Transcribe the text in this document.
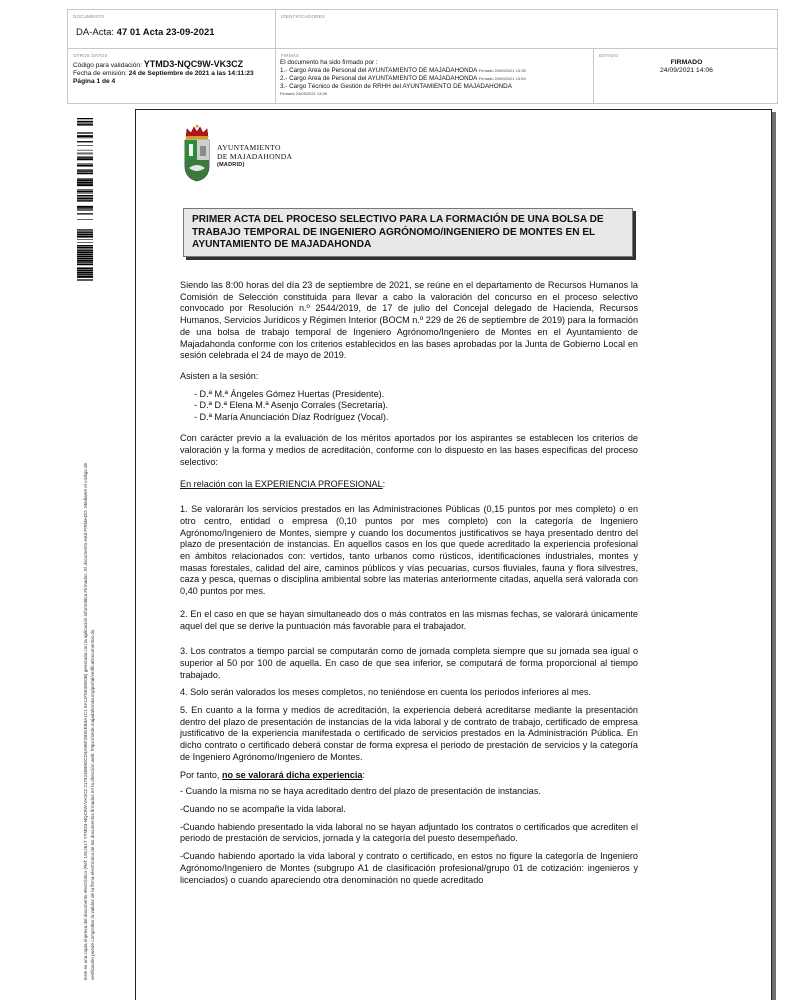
DOCUMENTO
DA-Acta: 47 01 Acta 23-09-2021
IDENTIFICADORES
OTROS DATOS
Código para validación: YTMD3-NQC9W-VK3CZ
Fecha de emisión: 24 de Septiembre de 2021 a las 14:11:23
Página 1 de 4
FIRMAS
El documento ha sido firmado por :
1.- Cargo Area de Personal del AYUNTAMIENTO DE MAJADAHONDA Firmado 24/09/2021 13:35
2.- Cargo Area de Personal del AYUNTAMIENTO DE MAJADAHONDA Firmado 24/09/2021 13:54
3.- Cargo Técnico de Gestión de RRHH del AYUNTAMIENTO DE MAJADAHONDA
Firmado 24/09/2021 14:06
ESTADO
FIRMADO
24/09/2021 14:06
Este es una copia impresa del documento electrónico (Ref: 1912617 YTMD3-NQC9W-VK3CZ 2174245B9DCD4A9EF2B92EB3A1C1 5A11F553DE0B) generada con la aplicación informática Firmadoc. El documento está FIRMADO. Mediante el código de verificación puede comprobar la validez de la firma electrónica de los documentos firmados en la dirección web: https://sede.majadahonda.org/portal/verificaDocumentos.do
AYUNTAMIENTO
DE MAJADAHONDA
(MADRID)

PRIMER ACTA DEL PROCESO SELECTIVO PARA LA FORMACIÓN DE UNA BOLSA DE TRABAJO TEMPORAL DE INGENIERO AGRÓNOMO/INGENIERO DE MONTES EN EL AYUNTAMIENTO DE MAJADAHONDA

Siendo las 8:00 horas del día 23 de septiembre de 2021, se reúne en el departamento de Recursos Humanos la Comisión de Selección constituida para llevar a cabo la valoración del concurso en el proceso selectivo convocado por Resolución n.º 2544/2019, de 17 de julio del Concejal delegado de Hacienda, Recursos Humanos, Servicios Jurídicos y Régimen Interior (BOCM n.º 229 de 26 de septiembre de 2019) para la formación de una bolsa de trabajo temporal de Ingeniero Agrónomo/Ingeniero de Montes en el Ayuntamiento de Majadahonda conforme con los criterios establecidos en las bases aprobadas por la Junta de Gobierno Local en sesión celebrada el 24 de mayo de 2019.

Asisten a la sesión:

- D.ª M.ª Ángeles Gómez Huertas (Presidente).
- D.ª D.ª Elena M.ª Asenjo Corrales (Secretaria).
- D.ª María Anunciación Díaz Rodríguez (Vocal).

Con carácter previo a la evaluación de los méritos aportados por los aspirantes se establecen los criterios de valoración y la forma y medios de acreditación, conforme con lo dispuesto en las bases específicas del proceso selectivo:

En relación con la EXPERIENCIA PROFESIONAL:

1. Se valorarán los servicios prestados en las Administraciones Públicas (0,15 puntos por mes completo) o en otro centro, entidad o empresa (0,10 puntos por mes completo) con la categoría de Ingeniero Agrónomo/Ingeniero de Montes, siempre y cuando los documentos justificativos se haya presentado dentro del plazo de presentación de instancias. En aquellos casos en los que quede acreditado la experiencia profesional en ámbitos relacionados con: vertidos, tanto urbanos como rústicos, identificaciones industriales, montes y masas forestales, calidad del aire, caminos públicos y vías pecuarias, cursos fluviales, fauna y flora silvestres, caza y pesca, quemas o disciplina ambiental sobre las materias anteriormente citadas, aquella será valorada con 0,40 puntos por mes.

2. En el caso en que se hayan simultaneado dos o más contratos en las mismas fechas, se valorará únicamente aquel del que se derive la puntuación más favorable para el trabajador.

3. Los contratos a tiempo parcial se computarán como de jornada completa siempre que su jornada sea igual o superior al 50 por 100 de aquella. En caso de que sea inferior, se computará de forma proporcional al tiempo trabajado.

4. Solo serán valorados los meses completos, no teniéndose en cuenta los periodos inferiores al mes.

5. En cuanto a la forma y medios de acreditación, la experiencia deberá acreditarse mediante la presentación dentro del plazo de presentación de instancias de la vida laboral y de contrato de trabajo, certificado de empresa justificativo de la experiencia manifestada o certificado de servicios prestados en la Administración Pública. En dicho contrato o certificado deberá constar de forma expresa el periodo de prestación de servicios y la categoría de Ingeniero Agrónomo/Ingeniero de Montes.

Por tanto, no se valorará dicha experiencia:

- Cuando la misma no se haya acreditado dentro del plazo de presentación de instancias.

-Cuando no se acompañe la vida laboral.

-Cuando habiendo presentado la vida laboral no se hayan adjuntado los contratos o certificados que acrediten el periodo de prestación de servicios, jornada y la categoría del puesto desempeñado.

-Cuando habiendo aportado la vida laboral y contrato o certificado, en estos no figure la categoría de Ingeniero Agrónomo/Ingeniero de Montes (subgrupo A1 de clasificación profesional/grupo 01 de cotización: ingenieros y licenciados) o cuando apareciendo otra denominación no quede acreditado
